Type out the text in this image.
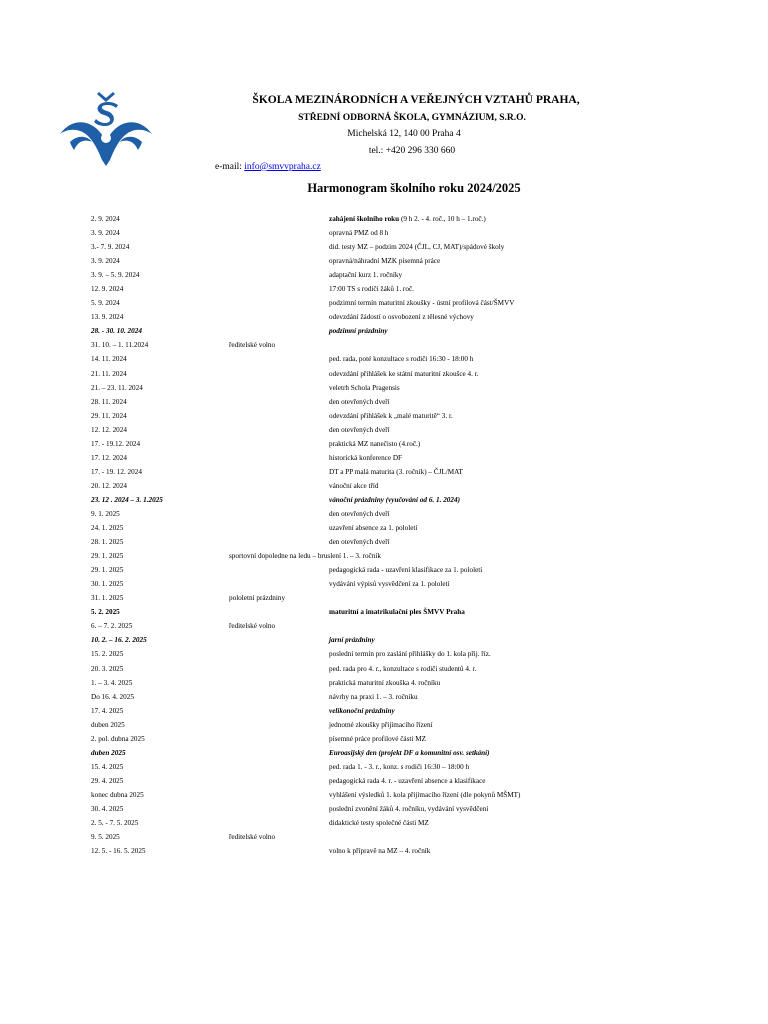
ŠKOLA MEZINÁRODNÍCH A VEŘEJNÝCH VZTAHŮ PRAHA,
STŘEDNÍ ODBORNÁ ŠKOLA, GYMNÁZIUM, S.R.O.
Michelská 12, 140 00 Praha 4
tel.: +420 296 330 660
e-mail: info@smvvpraha.cz
Harmonogram školního roku 2024/2025
2. 9. 2024	zahájení školního roku (9 h 2. - 4. roč., 10 h – 1.roč.)
3. 9. 2024	opravná PMZ od 8 h
3.- 7. 9. 2024	did. testy MZ – podzim 2024 (ČJL, CJ, MAT)/spádové školy
3. 9. 2024	opravná/náhradní MZK písemná práce
3. 9. – 5. 9. 2024	adaptační kurz 1. ročníky
12. 9. 2024	17:00 TS s rodiči žáků 1. roč.
5. 9. 2024	podzimní termín maturitní zkoušky - ústní profilová část/ŠMVV
13. 9. 2024	odevzdání žádostí o osvobození z tělesné výchovy
28. - 30. 10. 2024	podzimní prázdniny
31. 10. – 1. 11.2024	ředitelské volno
14. 11. 2024	ped. rada, poté konzultace s rodiči 16:30 - 18:00 h
21. 11. 2024	odevzdání přihlášek ke státní maturitní zkoušce 4. r.
21. – 23. 11. 2024	veletrh Schola Pragensis
28. 11. 2024	den otevřených dveří
29. 11. 2024	odevzdání přihlášek k „malé maturitě“ 3. r.
12. 12. 2024	den otevřených dveří
17. - 19.12. 2024	praktická MZ nanečisto (4.roč.)
17. 12. 2024	historická konference DF
17. - 19. 12. 2024	DT a PP malá maturita (3. ročník) – ČJL/MAT
20. 12. 2024	vánoční akce tříd
23. 12 . 2024 – 3. 1.2025	vánoční prázdniny (vyučování od 6. 1. 2024)
9. 1. 2025	den otevřených dveří
24. 1. 2025	uzavření absence za 1. pololetí
28. 1. 2025	den otevřených dveří
29. 1. 2025	sportovní dopoledne na ledu – bruslení 1. – 3. ročník
29. 1. 2025	pedagogická rada - uzavření klasifikace za 1. pololetí
30. 1. 2025	vydávání výpisů vysvědčení za 1. pololetí
31. 1. 2025	pololetní prázdniny
5. 2. 2025	maturitní a imatrikulační ples ŠMVV Praha
6. – 7. 2. 2025	ředitelské volno
10. 2. – 16. 2. 2025	jarní prázdniny
15. 2. 2025	poslední termín pro zaslání přihlášky do 1. kola přij. říz.
20. 3. 2025	ped. rada pro 4. r., konzultace s rodiči studentů 4. r.
1. – 3. 4. 2025	praktická maturitní zkouška 4. ročníku
Do 16. 4. 2025	návrhy na praxi 1. – 3. ročníku
17. 4. 2025	velikonoční prázdniny
duben 2025	jednotné zkoušky přijímacího řízení
2. pol. dubna 2025	písemné práce profilové části MZ
duben 2025	Euroasijský den (projekt DF a komunitní osv. setkání)
15. 4. 2025	ped. rada 1. - 3. r., konz. s rodiči 16:30 – 18:00 h
29. 4. 2025	pedagogická rada 4. r. - uzavření absence a klasifikace
konec dubna 2025	vyhlášení výsledků 1. kola přijímacího řízení (dle pokynů MŠMT)
30. 4. 2025	poslední zvonění žáků 4. ročníku, vydávání vysvědčení
2. 5. - 7. 5. 2025	didaktické testy společné části MZ
9. 5. 2025	ředitelské volno
12. 5. - 16. 5. 2025	volno k přípravě na MZ – 4. ročník
